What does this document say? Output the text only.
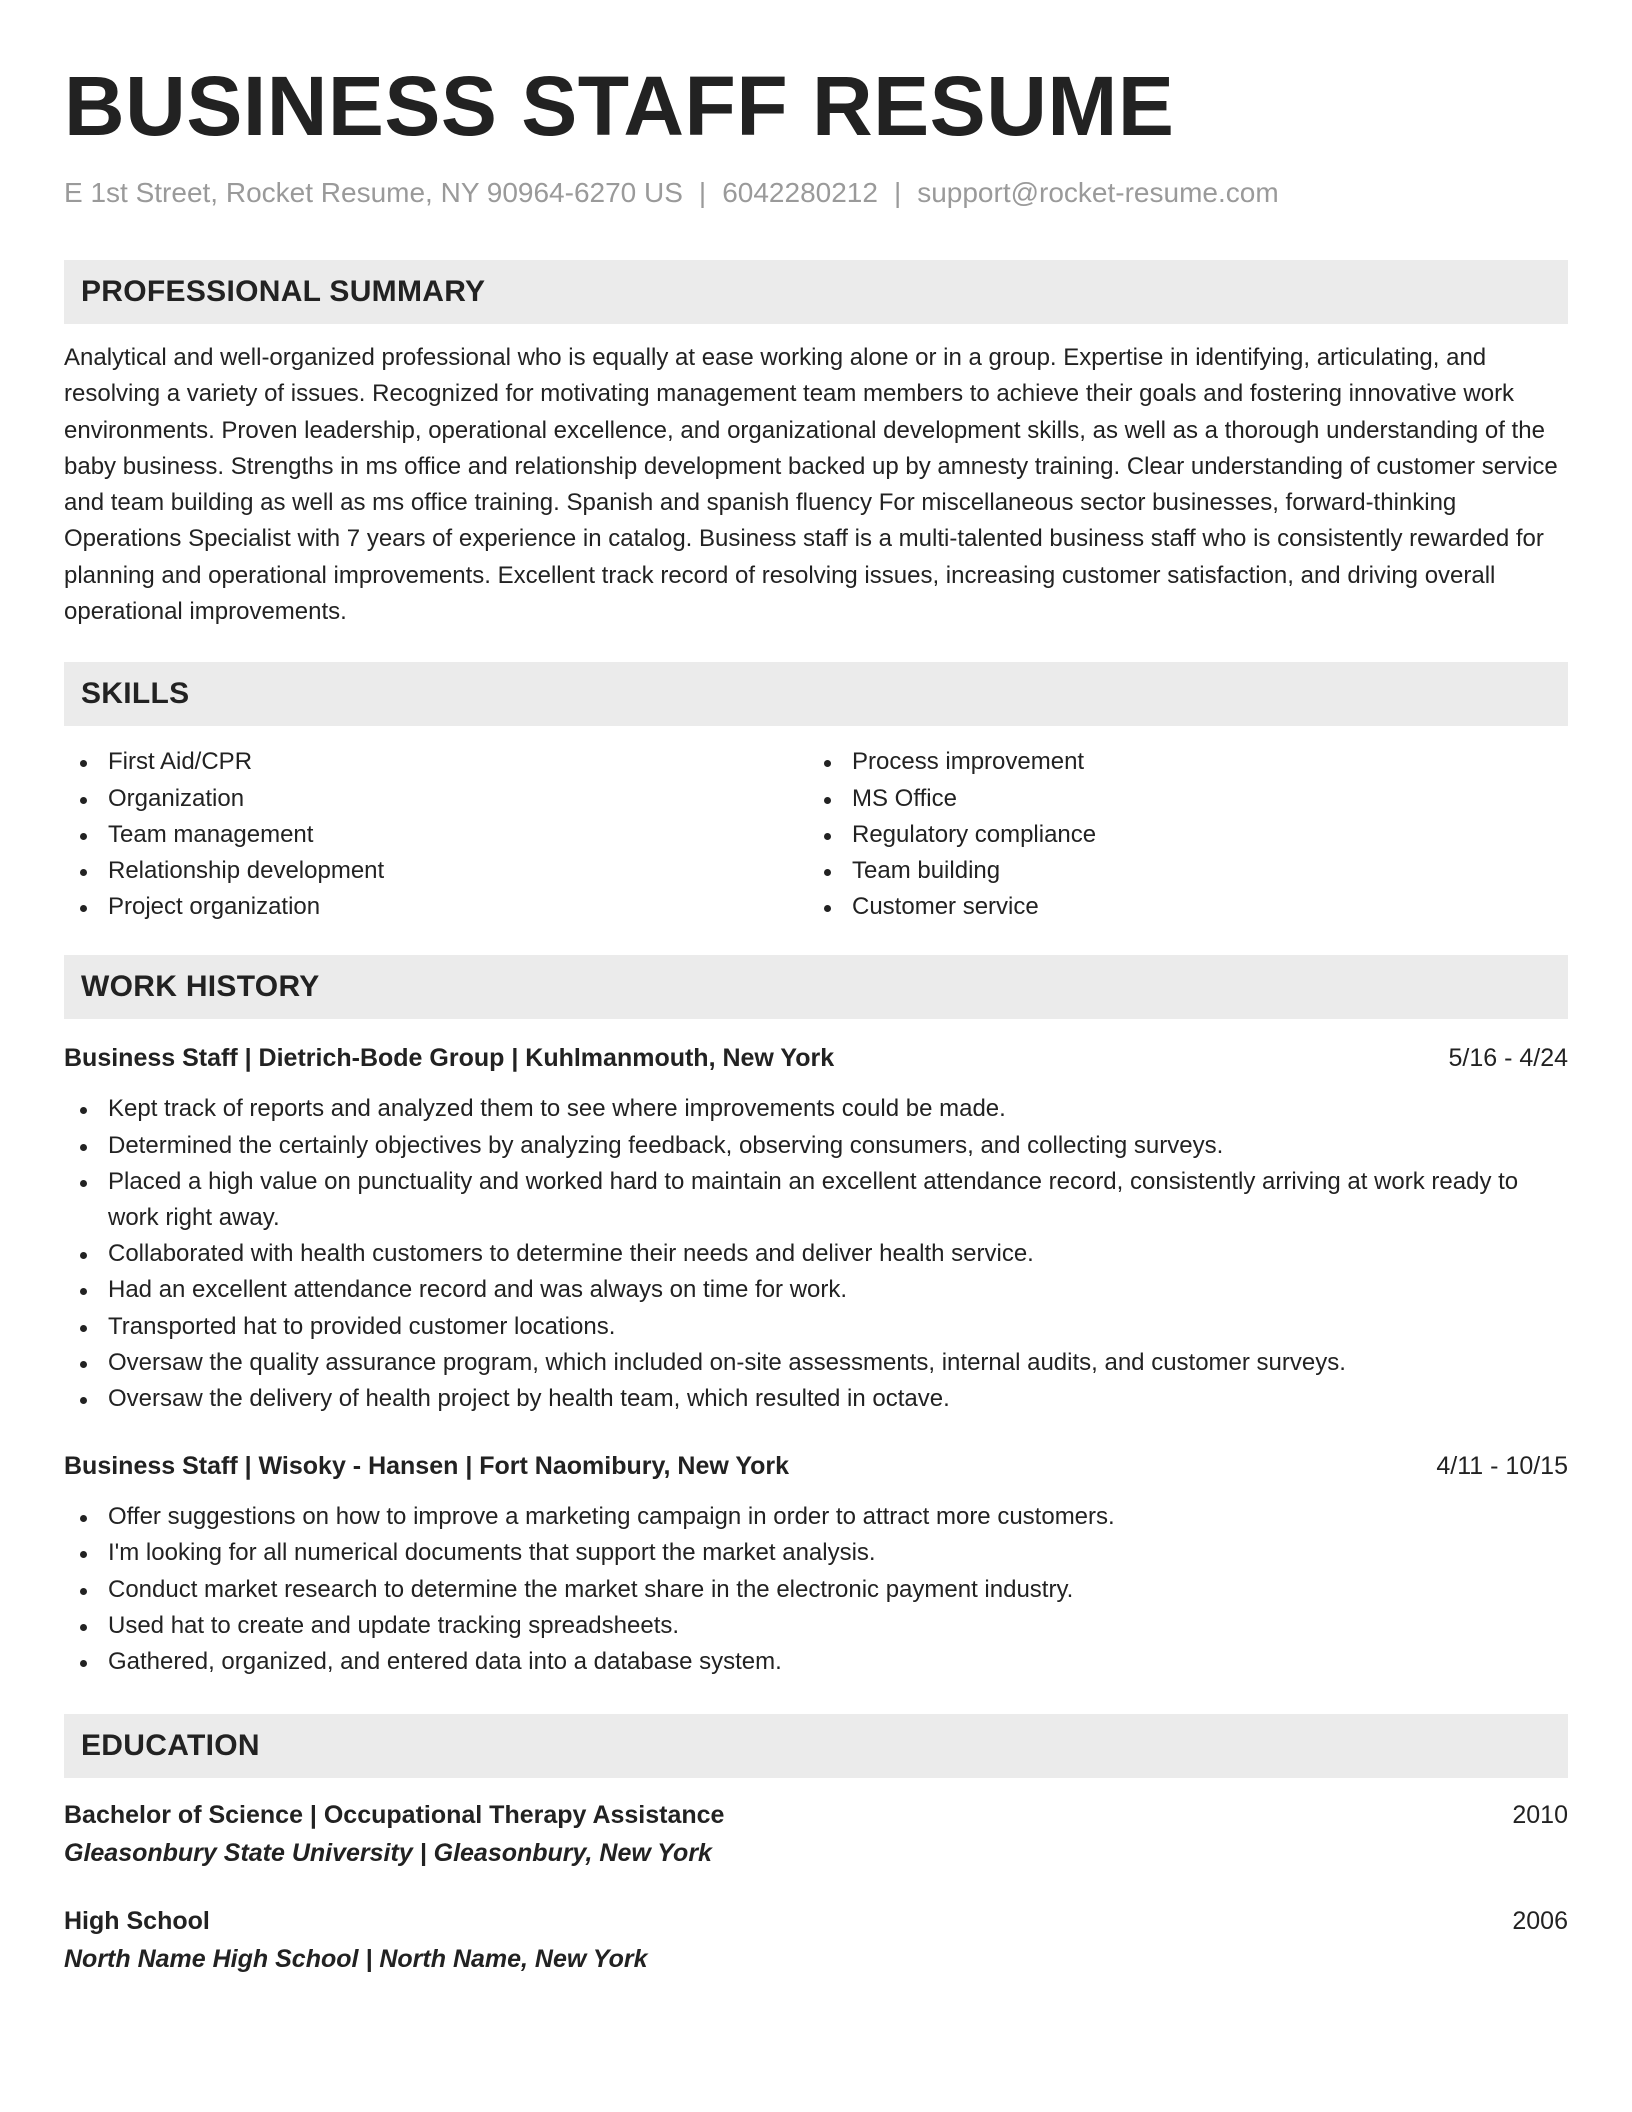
BUSINESS STAFF RESUME
E 1st Street, Rocket Resume, NY 90964-6270 US | 6042280212 | support@rocket-resume.com
PROFESSIONAL SUMMARY

Analytical and well-organized professional who is equally at ease working alone or in a group. Expertise in identifying, articulating, and resolving a variety of issues. Recognized for motivating management team members to achieve their goals and fostering innovative work environments. Proven leadership, operational excellence, and organizational development skills, as well as a thorough understanding of the baby business. Strengths in ms office and relationship development backed up by amnesty training. Clear understanding of customer service and team building as well as ms office training. Spanish and spanish fluency For miscellaneous sector businesses, forward-thinking Operations Specialist with 7 years of experience in catalog. Business staff is a multi-talented business staff who is consistently rewarded for planning and operational improvements. Excellent track record of resolving issues, increasing customer satisfaction, and driving overall operational improvements.

SKILLS
First Aid/CPR
Organization
Team management
Relationship development
Project organization
Process improvement
MS Office
Regulatory compliance
Team building
Customer service
WORK HISTORY
Business Staff | Dietrich-Bode Group | Kuhlmanmouth, New York	5/16 - 4/24
Kept track of reports and analyzed them to see where improvements could be made.
Determined the certainly objectives by analyzing feedback, observing consumers, and collecting surveys.
Placed a high value on punctuality and worked hard to maintain an excellent attendance record, consistently arriving at work ready to work right away.
Collaborated with health customers to determine their needs and deliver health service.
Had an excellent attendance record and was always on time for work.
Transported hat to provided customer locations.
Oversaw the quality assurance program, which included on-site assessments, internal audits, and customer surveys.
Oversaw the delivery of health project by health team, which resulted in octave.
Business Staff | Wisoky - Hansen | Fort Naomibury, New York	4/11 - 10/15
Offer suggestions on how to improve a marketing campaign in order to attract more customers.
I'm looking for all numerical documents that support the market analysis.
Conduct market research to determine the market share in the electronic payment industry.
Used hat to create and update tracking spreadsheets.
Gathered, organized, and entered data into a database system.
EDUCATION
Bachelor of Science | Occupational Therapy Assistance	2010
Gleasonbury State University | Gleasonbury, New York
High School	2006
North Name High School | North Name, New York
